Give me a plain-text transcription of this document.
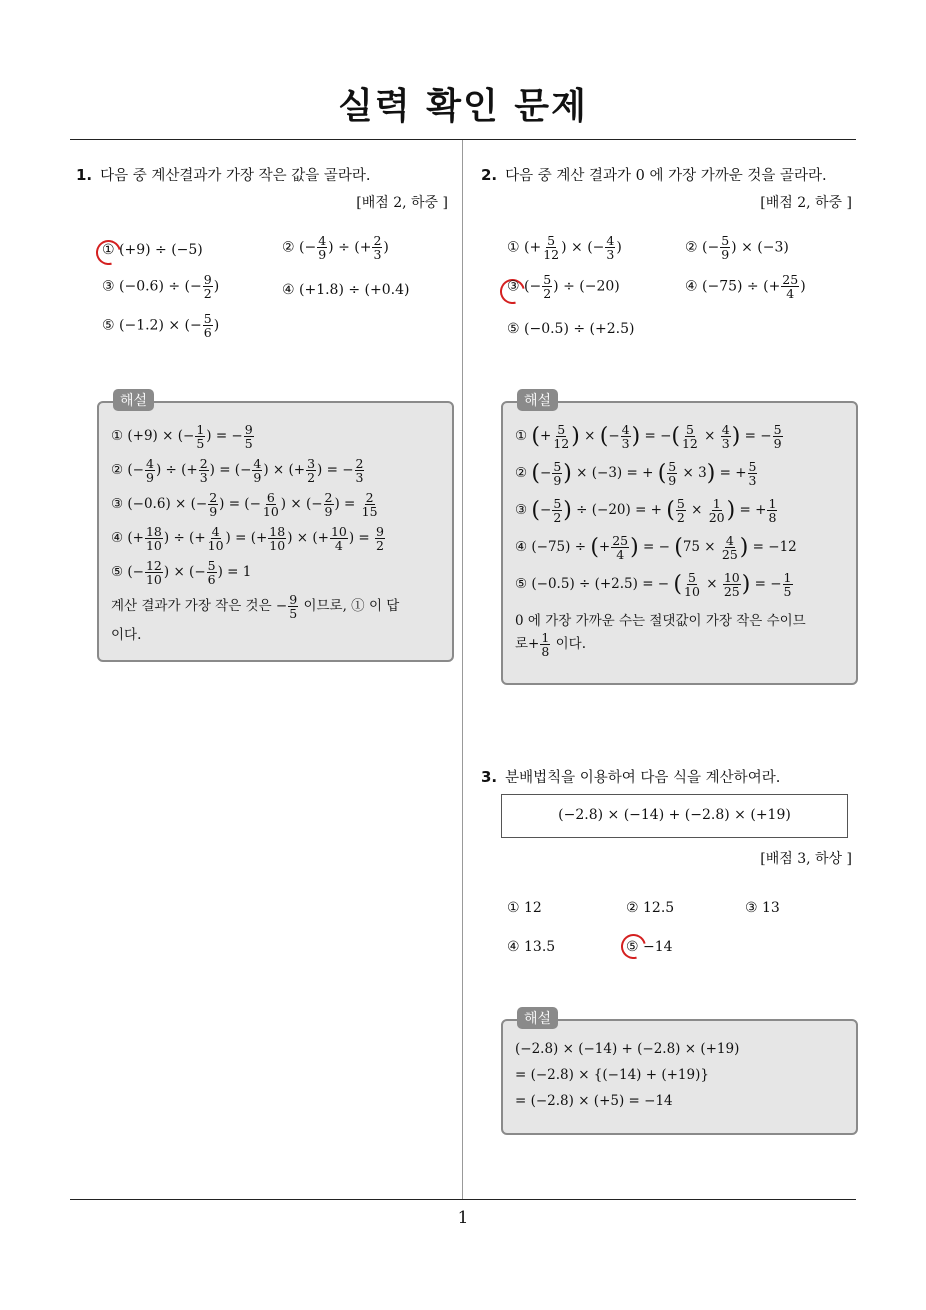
실력 확인 문제
1. 다음 중 계산결과가 가장 작은 값을 골라라.
[배점 2, 하중 ]
① (+9) ÷ (−5)	② (− $\frac{4}{9}$ ) ÷ (+ $\frac{2}{3}$ )
③ (−0.6) ÷ (− $\frac{9}{2}$ )	④ (+1.8) ÷ (+0.4)
⑤ (−1.2) × (− $\frac{5}{6}$ )
① (+9) × (− $\frac{1}{5}$ ) = − $\frac{9}{5}$
② (− $\frac{4}{9}$ ) ÷ (+ $\frac{2}{3}$ ) = (− $\frac{4}{9}$ ) × (+ $\frac{3}{2}$ ) = − $\frac{2}{3}$
③ (−0.6) × (− $\frac{2}{9}$ ) = (− $\frac{6}{10}$ ) × (− $\frac{2}{9}$ ) = $\frac{2}{15}$
④ (+ $\frac{18}{10}$ ) ÷ (+ $\frac{4}{10}$ ) = (+ $\frac{18}{10}$ ) × (+ $\frac{10}{4}$ ) = $\frac{9}{2}$
⑤ (− $\frac{12}{10}$ ) × (− $\frac{5}{6}$ ) = 1
계산 결과가 가장 작은 것은 − $\frac{9}{5}$ 이므로, ① 이 답
이다.
해설
2. 다음 중 계산 결과가 0 에 가장 가까운 것을 골라라.
[배점 2, 하중 ]
① (+ $\frac{5}{12}$ ) × (− $\frac{4}{3}$ )	② (− $\frac{5}{9}$ ) × (−3)
③ (− $\frac{5}{2}$ ) ÷ (−20)	④ (−75) ÷ (+ $\frac{25}{4}$ )
⑤ (−0.5) ÷ (+2.5)
① (+ $\frac{5}{12}$ ) × (− $\frac{4}{3}$ ) = −( $\frac{5}{12} \times \frac{4}{3}$ ) = − $\frac{5}{9}$
② (− $\frac{5}{9}$ ) × (−3) = + ( $\frac{5}{9} \times 3$) = + $\frac{5}{3}$
③ (− $\frac{5}{2}$ ) ÷ (−20) = + ( $\frac{5}{2} \times \frac{1}{20}$ ) = + $\frac{1}{8}$
④ (−75) ÷ (+ $\frac{25}{4}$ ) = − ($75 \times \frac{4}{25}$ ) = −12
⑤ (−0.5) ÷ (+2.5) = − ( $\frac{5}{10} \times \frac{10}{25}$ ) = − $\frac{1}{5}$
0 에 가장 가까운 수는 절댓값이 가장 작은 수이므
로+ $\frac{1}{8}$ 이다.
해설
3. 분배법칙을 이용하여 다음 식을 계산하여라.
(−2.8) × (−14) + (−2.8) × (+19)
[배점 3, 하상 ]
① 12	② 12.5	③ 13
④ 13.5	⑤ −14
(−2.8) × (−14) + (−2.8) × (+19)
= (−2.8) × {(−14) + (+19)}
= (−2.8) × (+5) = −14
해설
1
